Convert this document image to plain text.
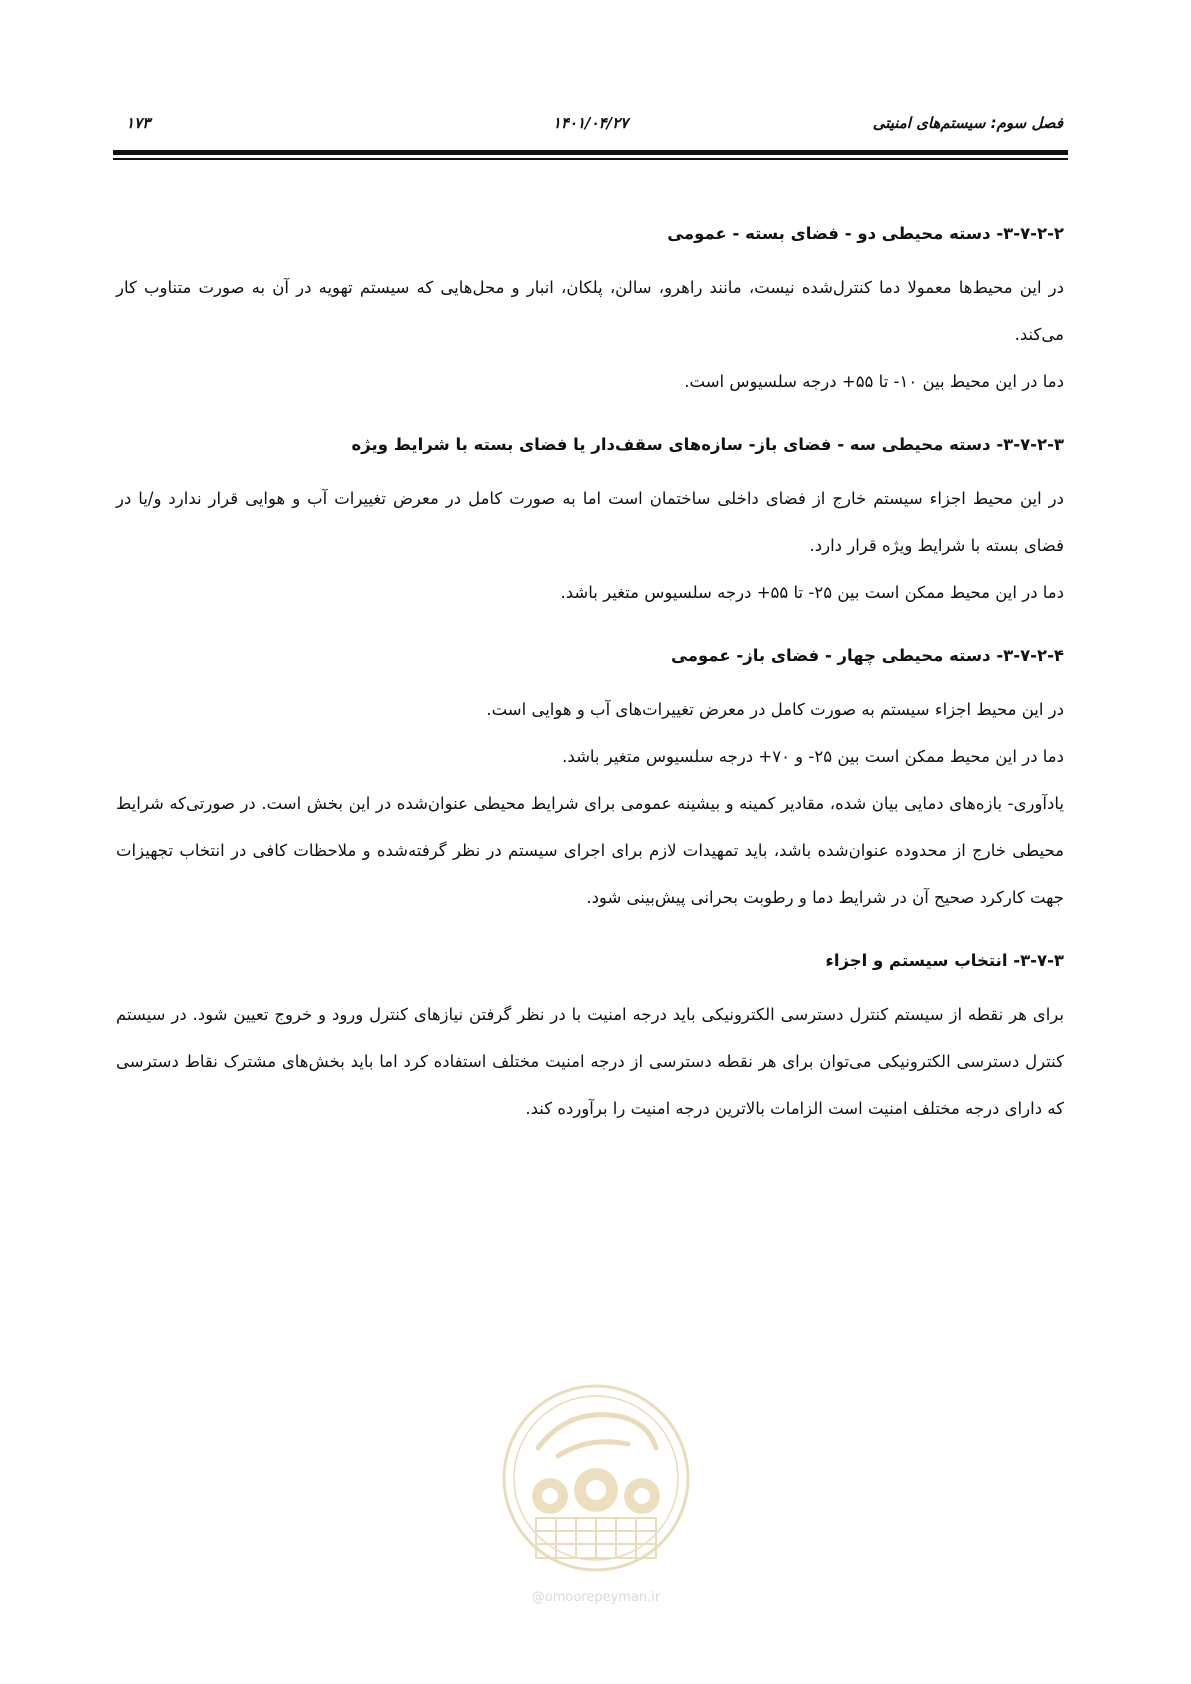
فصل سوم: سیستم‌های امنیتی
۱۴۰۱/۰۴/۲۷
۱۷۳
۳-۷-۲-۲- دسته محیطی دو - فضای بسته - عمومی

در این محیط‌ها معمولا دما کنترل‌شده نیست، مانند راهرو، سالن، پلکان، انبار و محل‌هایی که سیستم تهویه در آن به صورت متناوب کار می‌کند.

دما در این محیط بین ۱۰- تا ۵۵+ درجه سلسیوس است.

۳-۷-۲-۳- دسته محیطی سه - فضای باز- سازه‌های سقف‌دار یا فضای بسته با شرایط ویژه

در این محیط اجزاء سیستم خارج از فضای داخلی ساختمان است اما به صورت کامل در معرض تغییرات آب و هوایی قرار ندارد و/یا در فضای بسته با شرایط ویژه قرار دارد.

دما در این محیط ممکن است بین ۲۵- تا ۵۵+ درجه سلسیوس متغیر باشد.

۳-۷-۲-۴- دسته محیطی چهار - فضای باز- عمومی

در این محیط اجزاء سیستم به صورت کامل در معرض تغییرات‌های آب و هوایی است.

دما در این محیط ممکن است بین ۲۵- و ۷۰+ درجه سلسیوس متغیر باشد.

یادآوری- بازه‌های دمایی بیان شده، مقادیر کمینه و بیشینه عمومی برای شرایط محیطی عنوان‌شده در این بخش است. در صورتی‌که شرایط محیطی خارج از محدوده عنوان‌شده باشد، باید تمهیدات لازم برای اجرای سیستم در نظر گرفته‌شده و ملاحظات کافی در انتخاب تجهیزات جهت کارکرد صحیح آن در شرایط دما و رطوبت بحرانی پیش‌بینی شود.

۳-۷-۳- انتخاب سیستم و اجزاء

برای هر نقطه از سیستم کنترل دسترسی الکترونیکی باید درجه امنیت با در نظر گرفتن نیازهای کنترل ورود و خروج تعیین شود. در سیستم کنترل دسترسی الکترونیکی می‌توان برای هر نقطه دسترسی از درجه امنیت مختلف استفاده کرد اما باید بخش‌های مشترک نقاط دسترسی که دارای درجه مختلف امنیت است الزامات بالاترین درجه امنیت را برآورده کند.

@omoorepeyman.ir
